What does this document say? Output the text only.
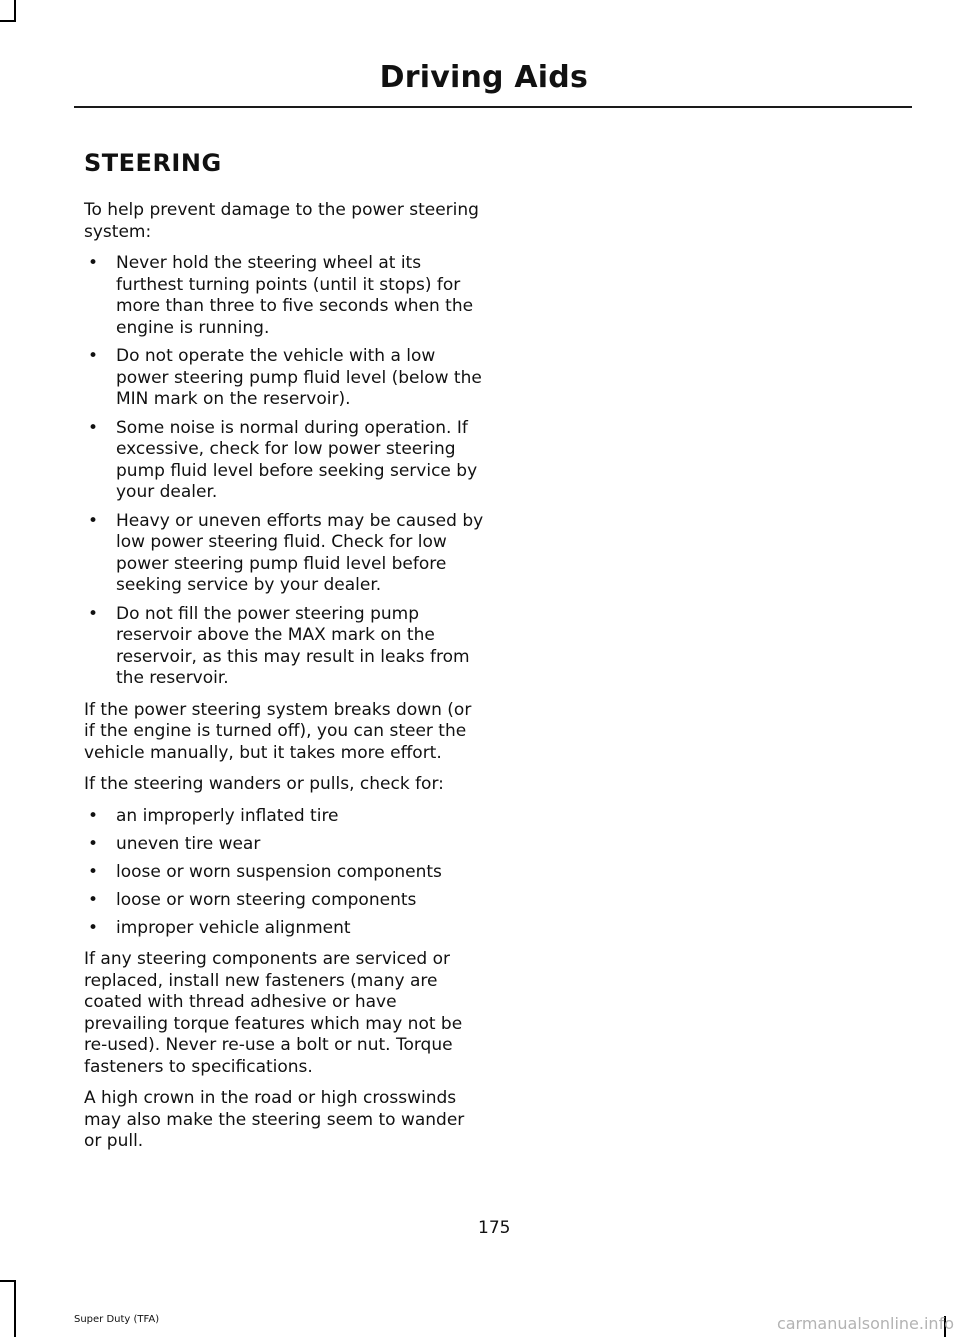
Driving Aids
STEERING

To help prevent damage to the power steering system:

• Never hold the steering wheel at its furthest turning points (until it stops) for more than three to five seconds when the engine is running.
• Do not operate the vehicle with a low power steering pump fluid level (below the MIN mark on the reservoir).
• Some noise is normal during operation. If excessive, check for low power steering pump fluid level before seeking service by your dealer.
• Heavy or uneven efforts may be caused by low power steering fluid. Check for low power steering pump fluid level before seeking service by your dealer.
• Do not fill the power steering pump reservoir above the MAX mark on the reservoir, as this may result in leaks from the reservoir.

If the power steering system breaks down (or if the engine is turned off), you can steer the vehicle manually, but it takes more effort.

If the steering wanders or pulls, check for:

• an improperly inflated tire
• uneven tire wear
• loose or worn suspension components
• loose or worn steering components
• improper vehicle alignment

If any steering components are serviced or replaced, install new fasteners (many are coated with thread adhesive or have prevailing torque features which may not be re-used). Never re-use a bolt or nut. Torque fasteners to specifications.

A high crown in the road or high crosswinds may also make the steering seem to wander or pull.

175
Super Duty (TFA)	carmanualsonline.info
